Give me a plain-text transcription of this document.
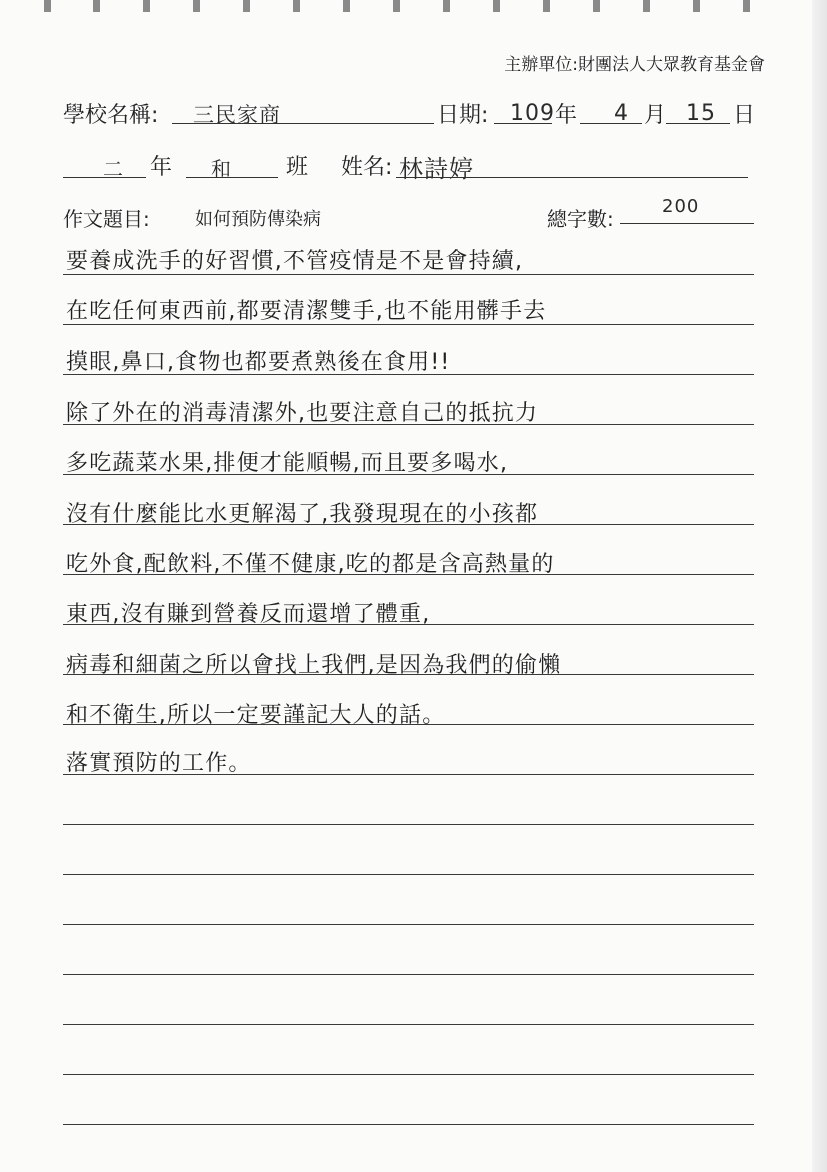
主辦單位:財團法人大眾教育基金會
學校名稱: 三民家商	日期: 109 年 4 月 15 日
二 年 和 班 姓名: 林詩婷
作文題目:	如何預防傳染病	總字數:
200
要養成洗手的好習慣,不管疫情是不是會持續,
在吃任何東西前,都要清潔雙手,也不能用髒手去
摸眼,鼻口,食物也都要煮熟後在食用!!
除了外在的消毒清潔外,也要注意自己的抵抗力
多吃蔬菜水果,排便才能順暢,而且要多喝水,
沒有什麼能比水更解渴了,我發現現在的小孩都
吃外食,配飲料,不僅不健康,吃的都是含高熱量的
東西,沒有賺到營養反而還增了體重,
病毒和細菌之所以會找上我們,是因為我們的偷懶
和不衛生,所以一定要謹記大人的話。
落實預防的工作。
